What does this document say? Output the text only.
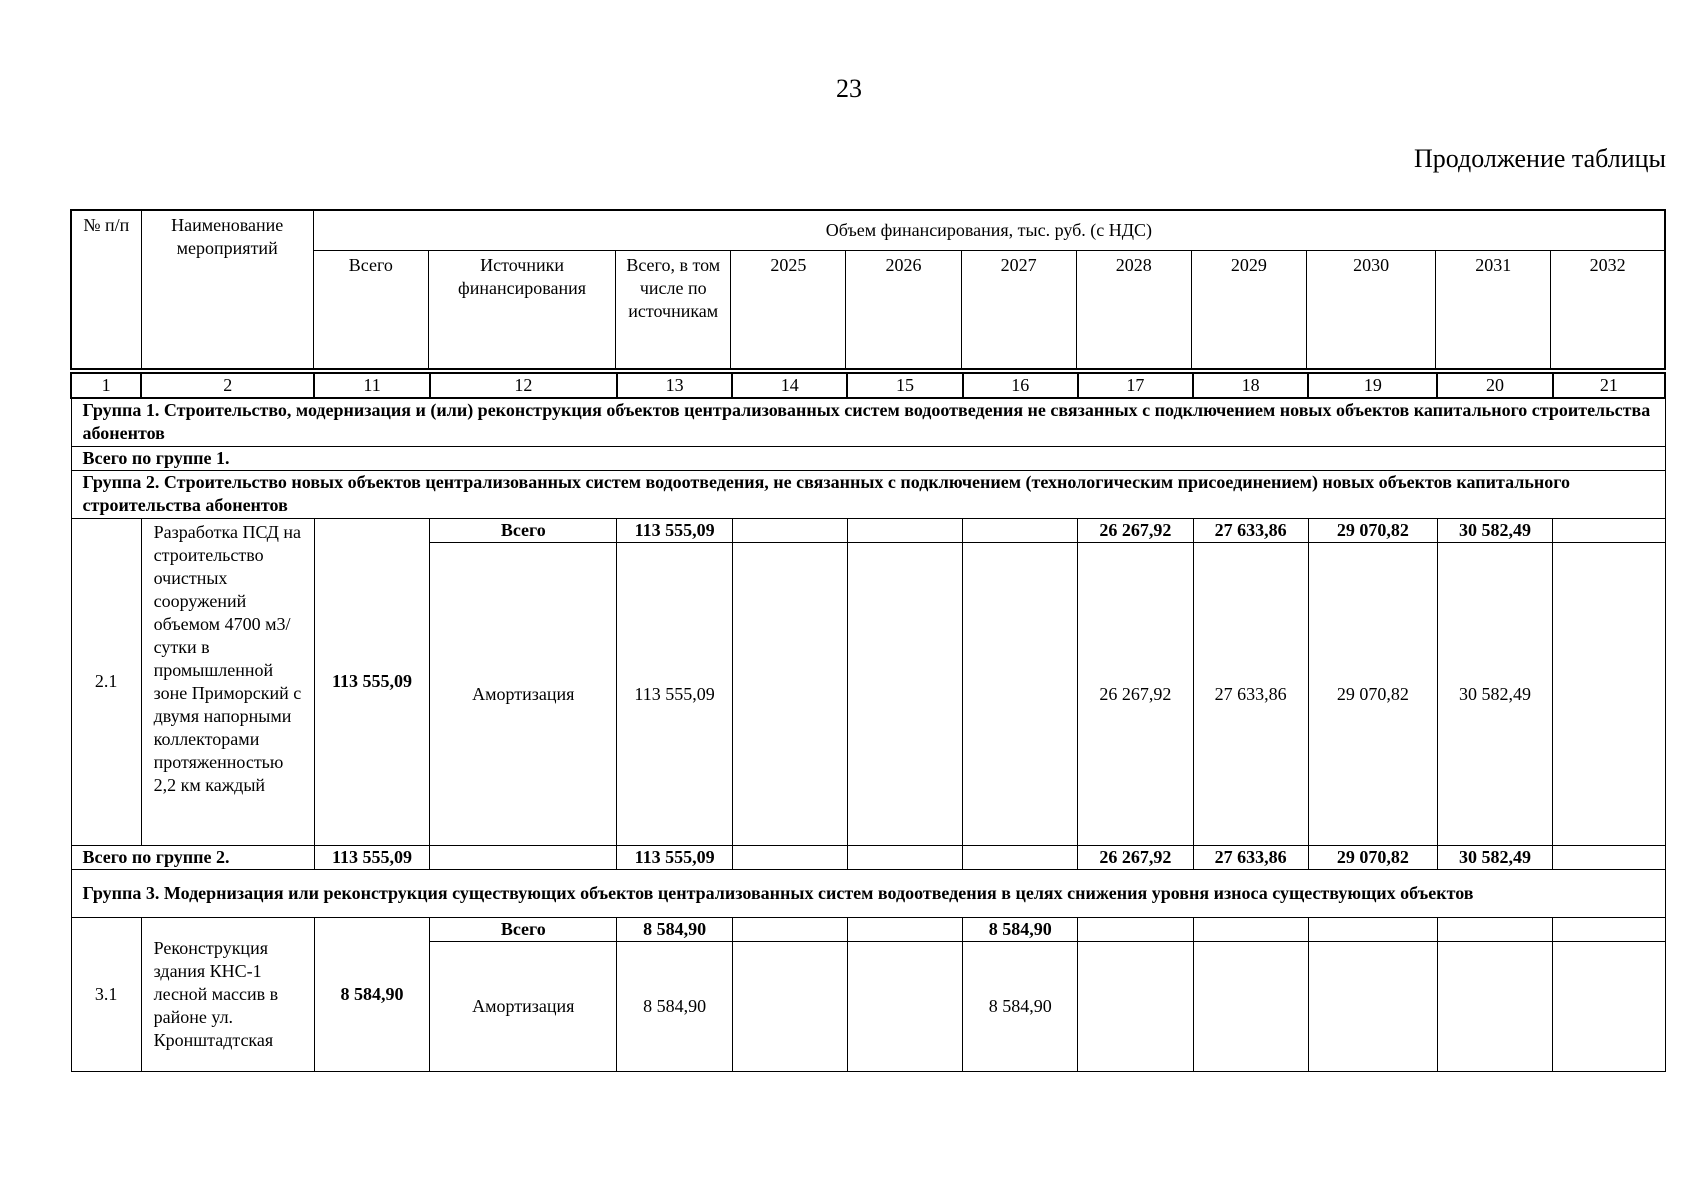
23
Продолжение таблицы
№ п/п	Наименование мероприятий	Объем финансирования, тыс. руб. (с НДС)										
		Всего	Источники финансирования	Всего, в том числе по источникам	2025	2026	2027	2028	2029	2030	2031	2032
1	2	11	12	13	14	15	16	17	18	19	20	21
Группа 1. Строительство, модернизация и (или) реконструкция объектов централизованных систем водоотведения не связанных с подключением новых объектов капитального строительства абонентов												
Всего по группе 1.												
Группа 2. Строительство новых объектов централизованных систем водоотведения, не связанных с подключением (технологическим присоединением) новых объектов капитального строительства абонентов												
2.1	Разработка ПСД на строительство очистных сооружений объемом 4700 м3/сутки в промышленной зоне Приморский с двумя напорными коллекторами протяженностью 2,2 км каждый	113 555,09	Всего	113 555,09				26 267,92	27 633,86	29 070,82	30 582,49	
			Амортизация	113 555,09				26 267,92	27 633,86	29 070,82	30 582,49	
Всего по группе 2.		113 555,09		113 555,09				26 267,92	27 633,86	29 070,82	30 582,49	
Группа 3. Модернизация или реконструкция существующих объектов централизованных систем водоотведения в целях снижения уровня износа существующих объектов												
3.1	Реконструкция здания КНС-1 лесной массив в районе ул. Кронштадтская	8 584,90	Всего	8 584,90			8 584,90					
			Амортизация	8 584,90			8 584,90					
